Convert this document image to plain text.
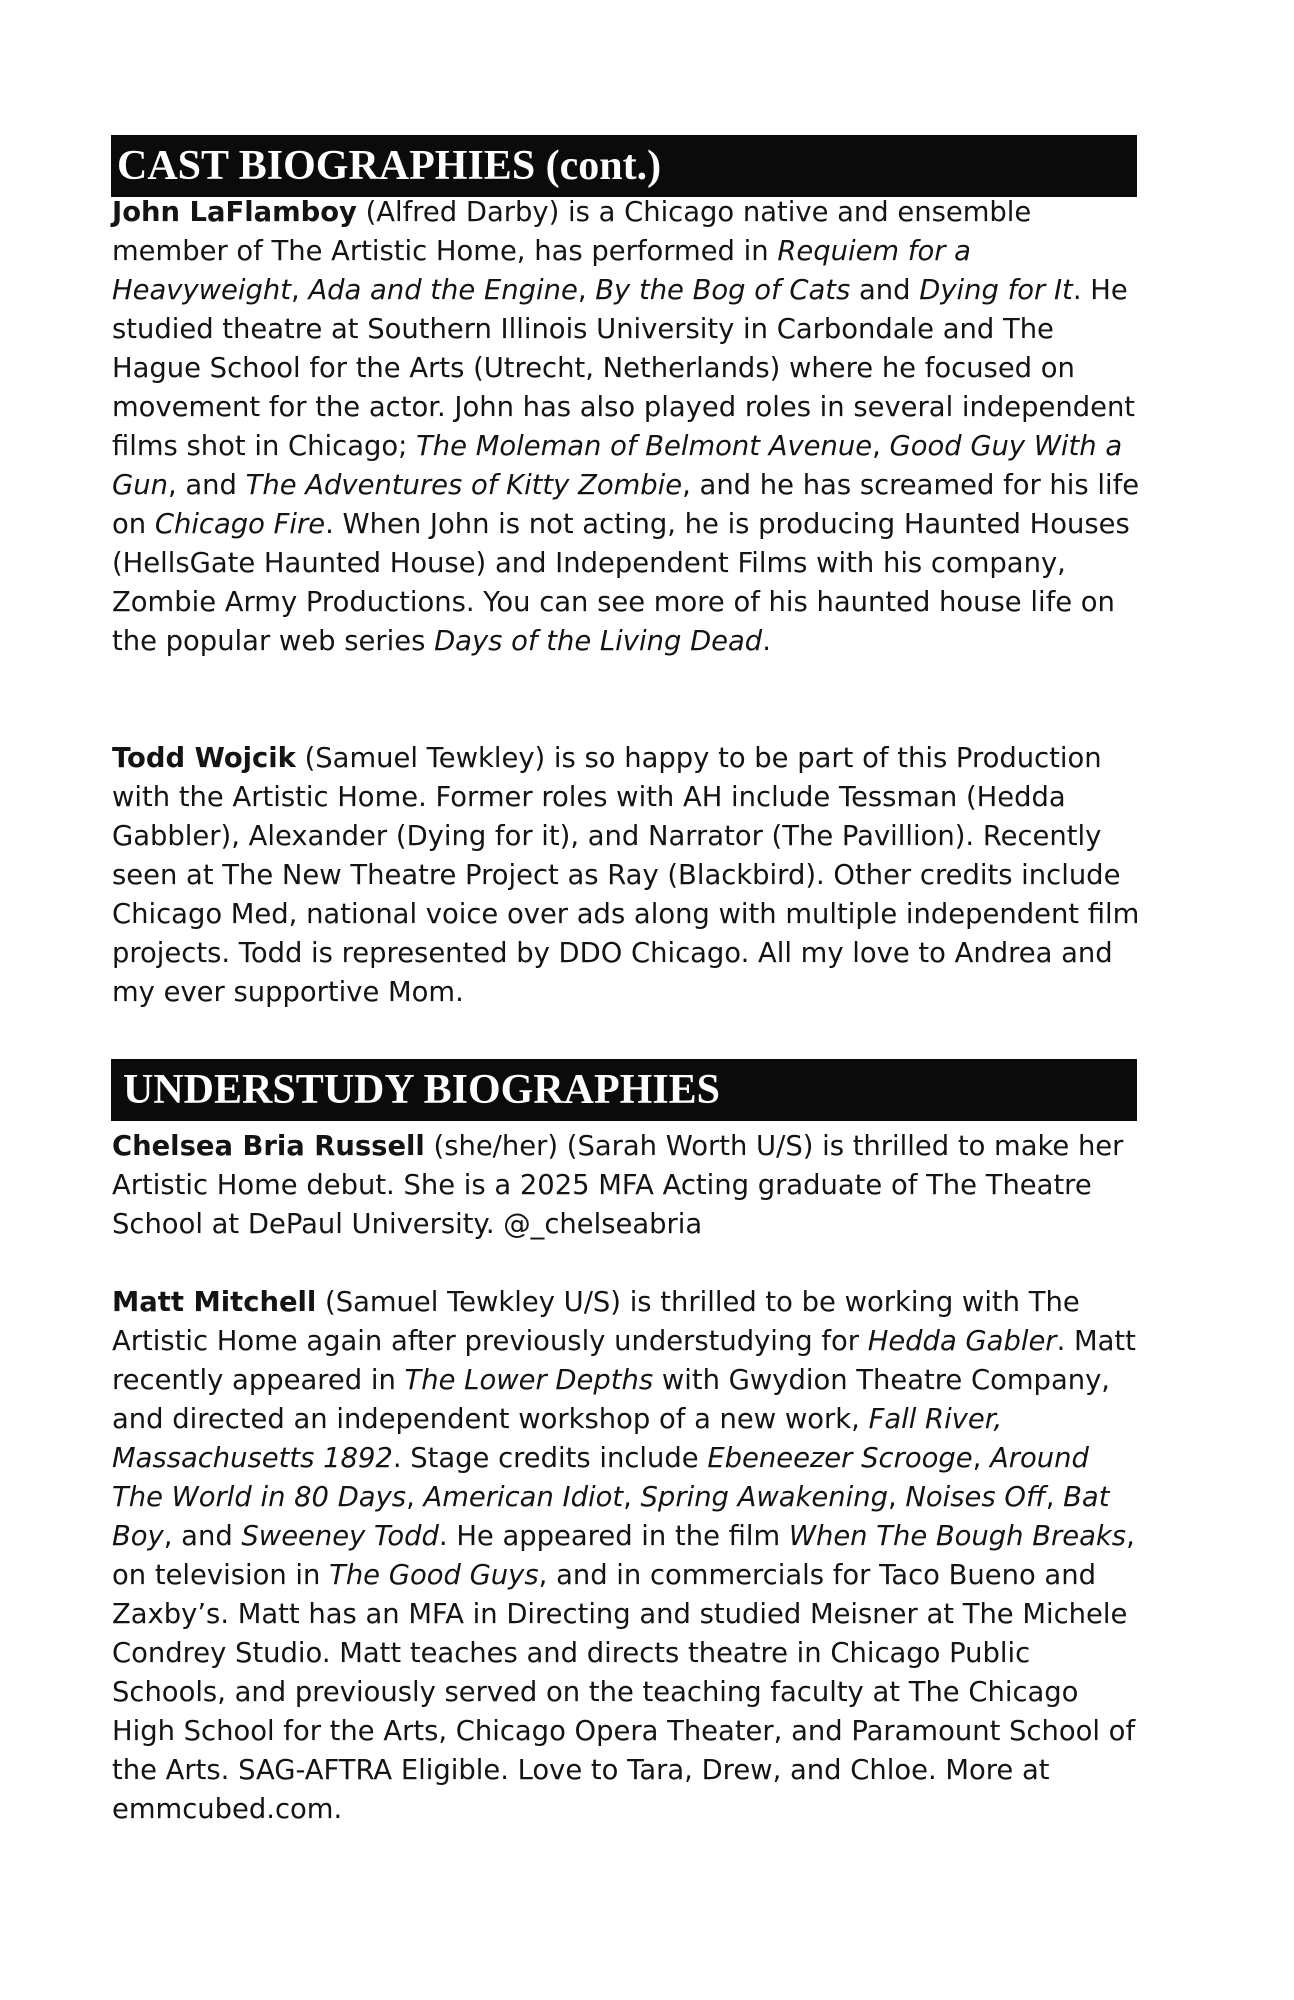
CAST BIOGRAPHIES (cont.)

John LaFlamboy (Alfred Darby) is a Chicago native and ensemble member of The Artistic Home, has performed in Requiem for a Heavyweight, Ada and the Engine, By the Bog of Cats and Dying for It. He studied theatre at Southern Illinois University in Carbondale and The Hague School for the Arts (Utrecht, Netherlands) where he focused on movement for the actor. John has also played roles in several independent films shot in Chicago; The Moleman of Belmont Avenue, Good Guy With a Gun, and The Adventures of Kitty Zombie, and he has screamed for his life on Chicago Fire. When John is not acting, he is producing Haunted Houses (HellsGate Haunted House) and Independent Films with his company, Zombie Army Productions. You can see more of his haunted house life on the popular web series Days of the Living Dead.

Todd Wojcik (Samuel Tewkley) is so happy to be part of this Production with the Artistic Home. Former roles with AH include Tessman (Hedda Gabbler), Alexander (Dying for it), and Narrator (The Pavillion). Recently seen at The New Theatre Project as Ray (Blackbird). Other credits include Chicago Med, national voice over ads along with multiple independent film projects. Todd is represented by DDO Chicago. All my love to Andrea and my ever supportive Mom.

UNDERSTUDY BIOGRAPHIES

Chelsea Bria Russell (she/her) (Sarah Worth U/S) is thrilled to make her Artistic Home debut. She is a 2025 MFA Acting graduate of The Theatre School at DePaul University. @_chelseabria

Matt Mitchell (Samuel Tewkley U/S) is thrilled to be working with The Artistic Home again after previously understudying for Hedda Gabler. Matt recently appeared in The Lower Depths with Gwydion Theatre Company, and directed an independent workshop of a new work, Fall River, Massachusetts 1892. Stage credits include Ebeneezer Scrooge, Around The World in 80 Days, American Idiot, Spring Awakening, Noises Off, Bat Boy, and Sweeney Todd. He appeared in the film When The Bough Breaks, on television in The Good Guys, and in commercials for Taco Bueno and Zaxby’s. Matt has an MFA in Directing and studied Meisner at The Michele Condrey Studio. Matt teaches and directs theatre in Chicago Public Schools, and previously served on the teaching faculty at The Chicago High School for the Arts, Chicago Opera Theater, and Paramount School of the Arts. SAG-AFTRA Eligible. Love to Tara, Drew, and Chloe. More at emmcubed.com.
